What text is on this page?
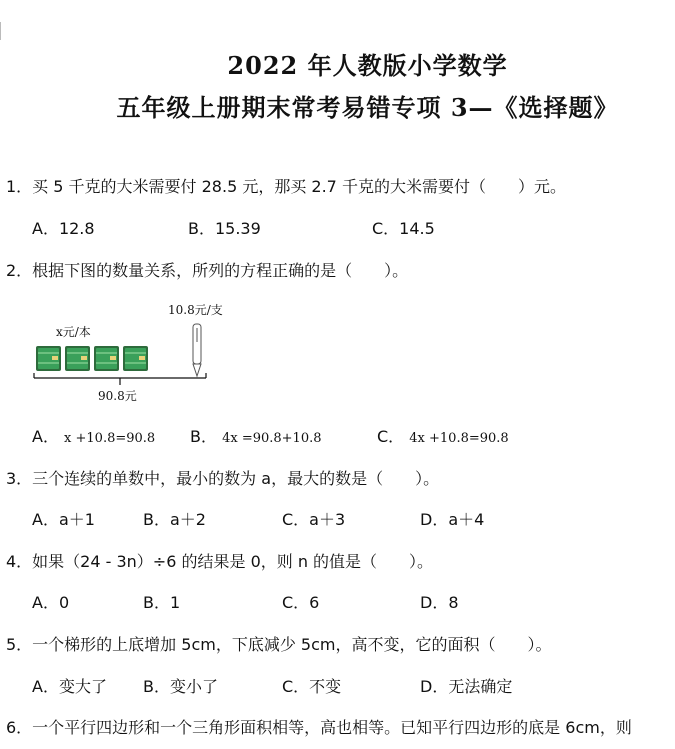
2022 年人教版小学数学
五年级上册期末常考易错专项 3—《选择题》
1．买 5 千克的大米需要付 28.5 元，那买 2.7 千克的大米需要付（　　）元。
A．12.8	B．15.39	C．14.5
2．根据下图的数量关系，所列的方程正确的是（　　）。
10.8元/支
x元/本
90.8元
A． x +10.8=90.8 B． 4x =90.8+10.8	C． 4x +10.8=90.8
3．三个连续的单数中，最小的数为 a，最大的数是（　　）。
A．a＋1	B．a＋2	C．a＋3	D．a＋4
4．如果（24 - 3n）÷6 的结果是 0，则 n 的值是（　　）。
A．0	B．1	C．6	D．8
5．一个梯形的上底增加 5cm，下底减少 5cm，高不变，它的面积（　　）。
A．变大了 B．变小了	C．不变	D．无法确定
6．一个平行四边形和一个三角形面积相等，高也相等。已知平行四边形的底是 6cm，则
